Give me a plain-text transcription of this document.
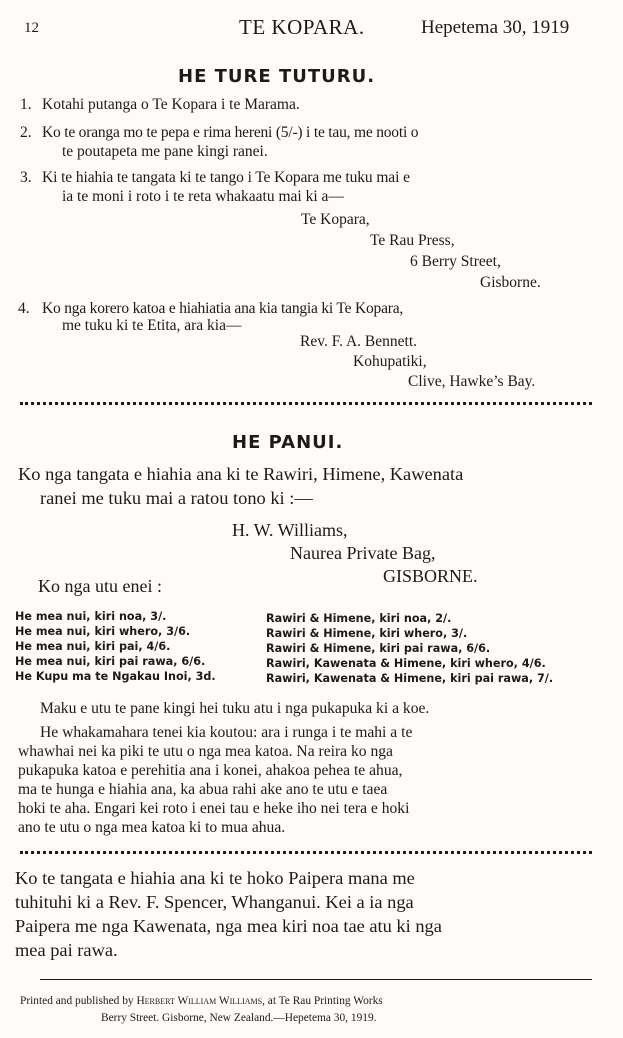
12	TE KOPARA.	Hepetema 30, 1919
HE TURE TUTURU.
1. Kotahi putanga o Te Kopara i te Marama.
2. Ko te oranga mo te pepa e rima hereni (5/-) i te tau, me nooti o
te poutapeta me pane kingi ranei.
3. Ki te hiahia te tangata ki te tango i Te Kopara me tuku mai e
ia te moni i roto i te reta whakaatu mai ki a—
Te Kopara,
Te Rau Press,
6 Berry Street,
Gisborne.
4. Ko nga korero katoa e hiahiatia ana kia tangia ki Te Kopara,
me tuku ki te Etita, ara kia—
Rev. F. A. Bennett.
Kohupatiki,
Clive, Hawke’s Bay.
HE PANUI.
Ko nga tangata e hiahia ana ki te Rawiri, Himene, Kawenata
ranei me tuku mai a ratou tono ki :—
H. W. Williams,
Naurea Private Bag,
GISBORNE.
Ko nga utu enei :
He mea nui, kiri noa, 3/.
He mea nui, kiri whero, 3/6.
He mea nui, kiri pai, 4/6.
He mea nui, kiri pai rawa, 6/6.
He Kupu ma te Ngakau Inoi, 3d.
Rawiri & Himene, kiri noa, 2/.
Rawiri & Himene, kiri whero, 3/.
Rawiri & Himene, kiri pai rawa, 6/6.
Rawiri, Kawenata & Himene, kiri whero, 4/6.
Rawiri, Kawenata & Himene, kiri pai rawa, 7/.
Maku e utu te pane kingi hei tuku atu i nga pukapuka ki a koe.
He whakamahara tenei kia koutou: ara i runga i te mahi a te
whawhai nei ka piki te utu o nga mea katoa. Na reira ko nga
pukapuka katoa e perehitia ana i konei, ahakoa pehea te ahua,
ma te hunga e hiahia ana, ka abua rahi ake ano te utu e taea
hoki te aha. Engari kei roto i enei tau e heke iho nei tera e hoki
ano te utu o nga mea katoa ki to mua ahua.
Ko te tangata e hiahia ana ki te hoko Paipera mana me
tuhituhi ki a Rev. F. Spencer, Whanganui. Kei a ia nga
Paipera me nga Kawenata, nga mea kiri noa tae atu ki nga
mea pai rawa.
Printed and published by Herbert William Williams, at Te Rau Printing Works
Berry Street. Gisborne, New Zealand.—Hepetema 30, 1919.
